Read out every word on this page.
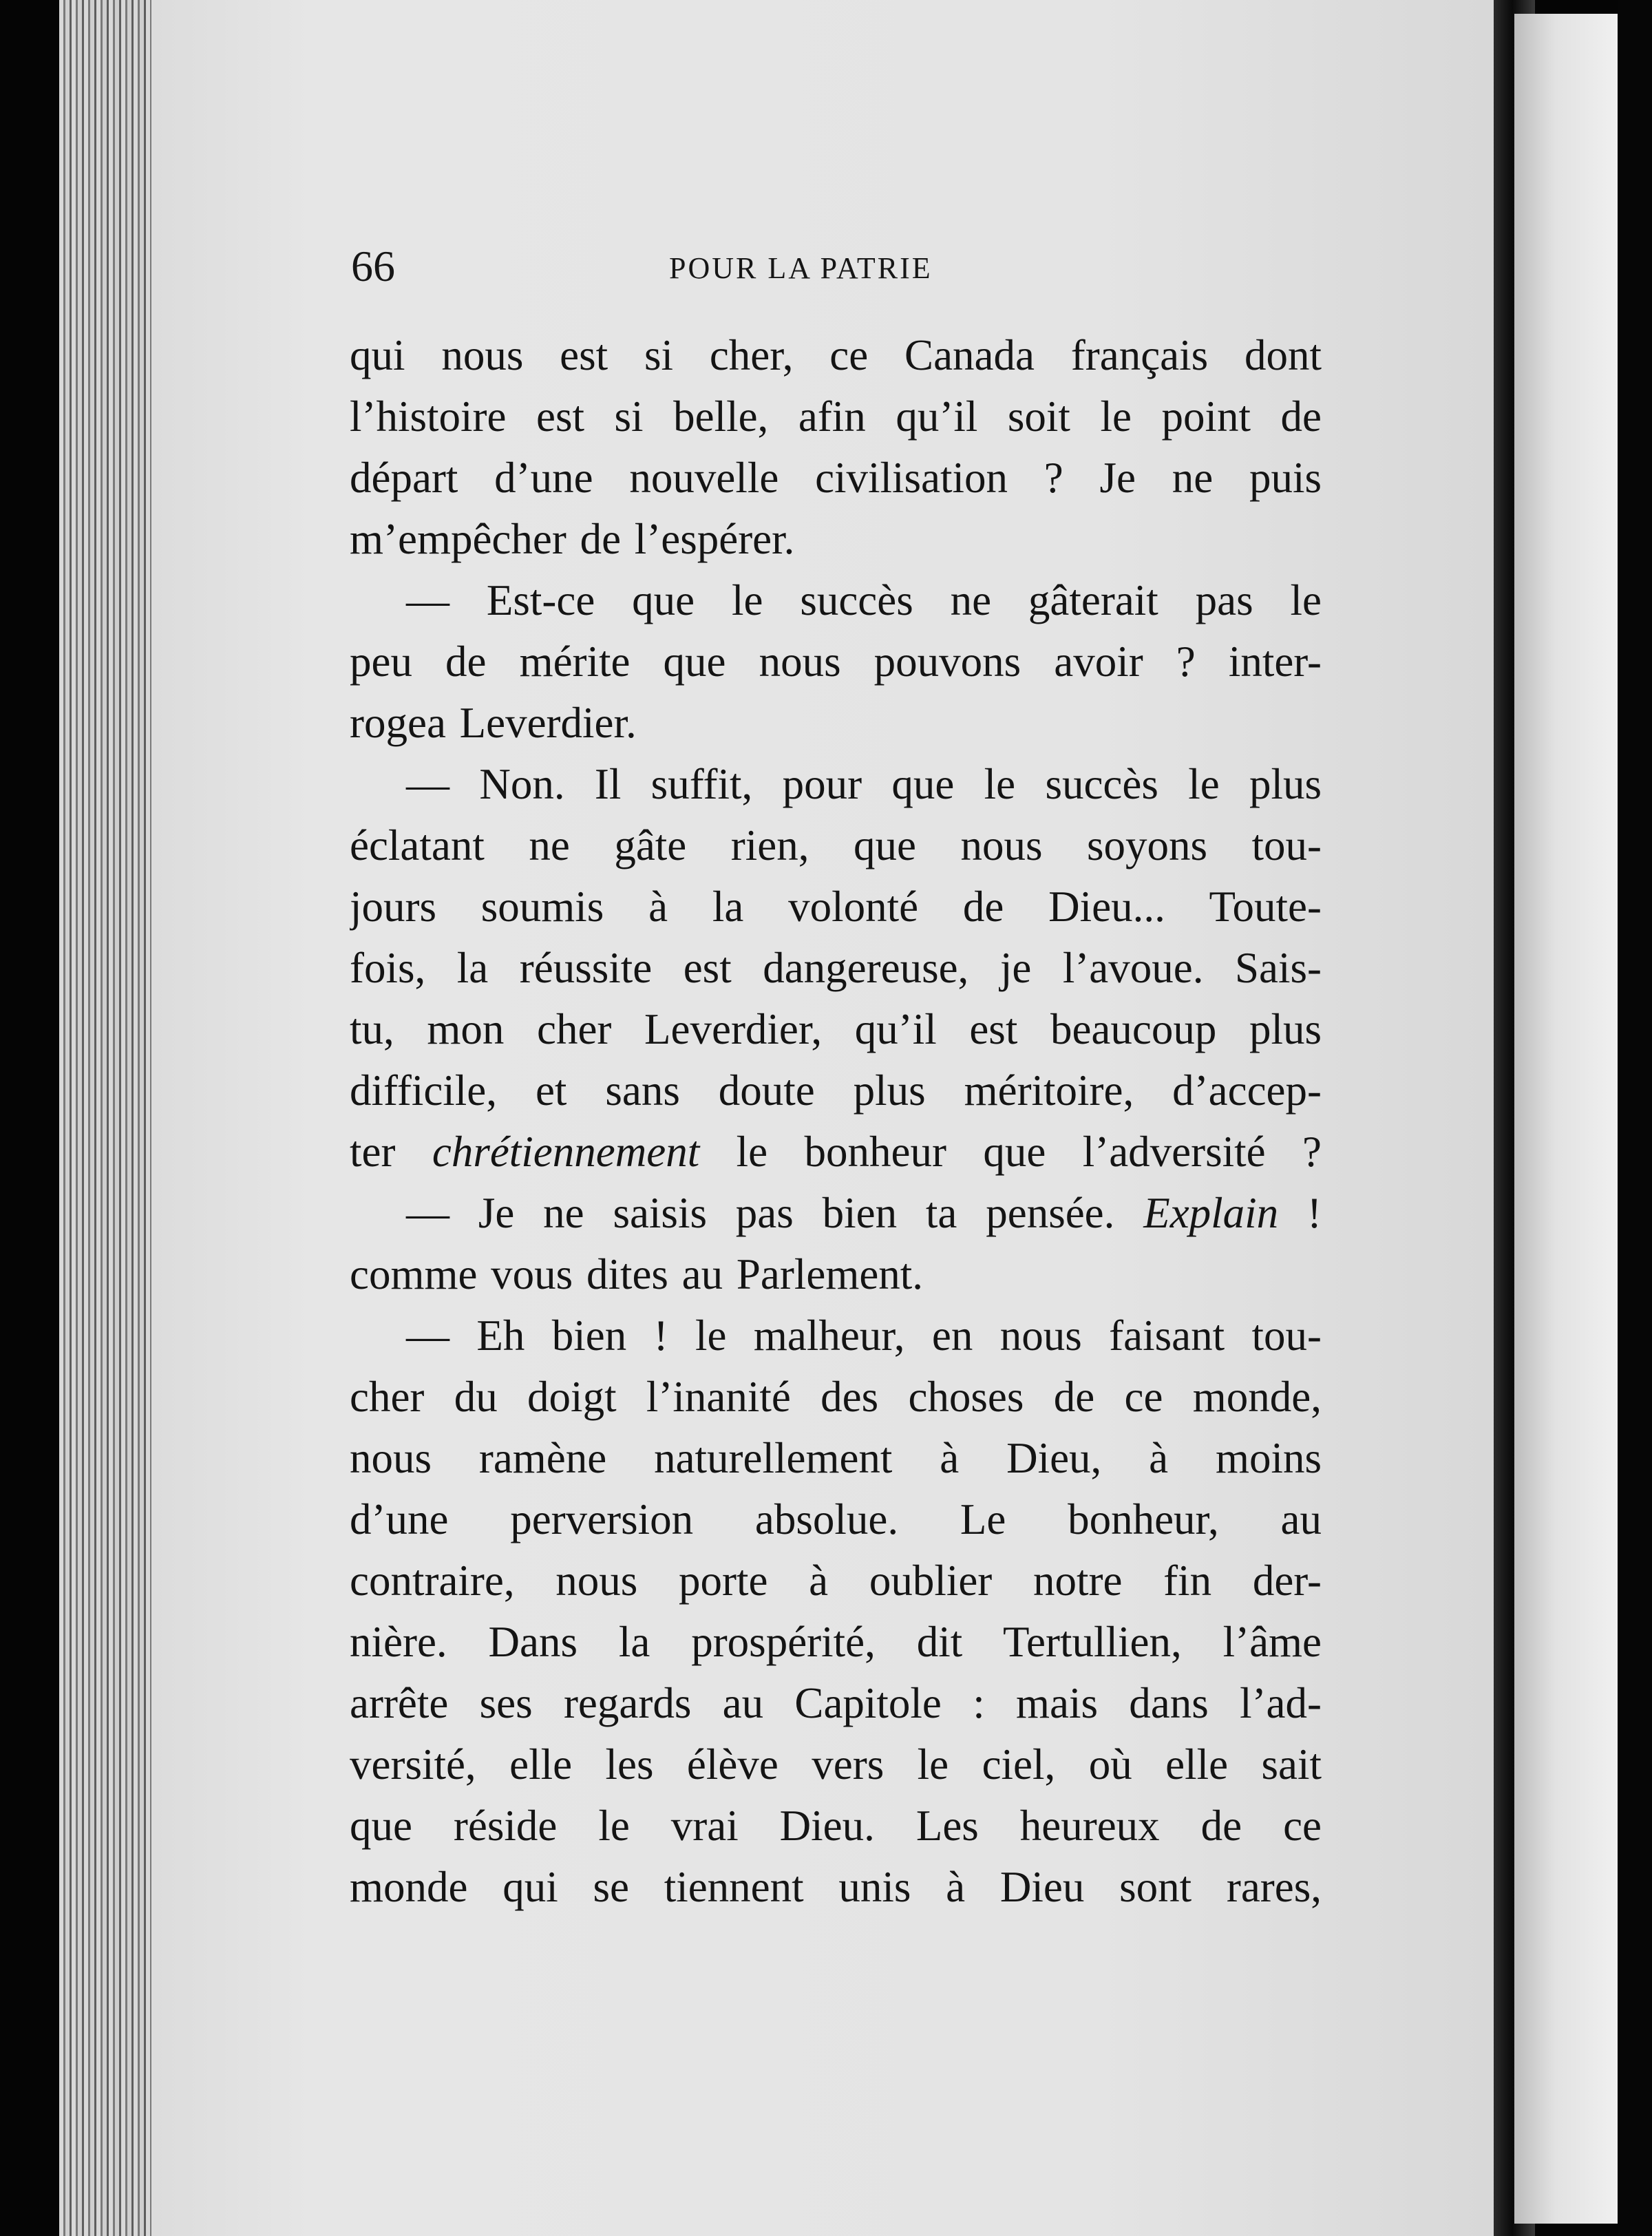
66	POUR LA PATRIE
qui nous est si cher, ce Canada français dont
l’histoire est si belle, afin qu’il soit le point de
départ d’une nouvelle civilisation ? Je ne puis
m’empêcher de l’espérer.
— Est-ce que le succès ne gâterait pas le
peu de mérite que nous pouvons avoir ? inter-
rogea Leverdier.
— Non. Il suffit, pour que le succès le plus
éclatant ne gâte rien, que nous soyons tou-
jours soumis à la volonté de Dieu... Toute-
fois, la réussite est dangereuse, je l’avoue. Sais-
tu, mon cher Leverdier, qu’il est beaucoup plus
difficile, et sans doute plus méritoire, d’accep-
ter chrétiennement le bonheur que l’adversité ?
— Je ne saisis pas bien ta pensée. Explain !
comme vous dites au Parlement.
— Eh bien ! le malheur, en nous faisant tou-
cher du doigt l’inanité des choses de ce monde,
nous ramène naturellement à Dieu, à moins
d’une perversion absolue. Le bonheur, au
contraire, nous porte à oublier notre fin der-
nière. Dans la prospérité, dit Tertullien, l’âme
arrête ses regards au Capitole : mais dans l’ad-
versité, elle les élève vers le ciel, où elle sait
que réside le vrai Dieu. Les heureux de ce
monde qui se tiennent unis à Dieu sont rares,
